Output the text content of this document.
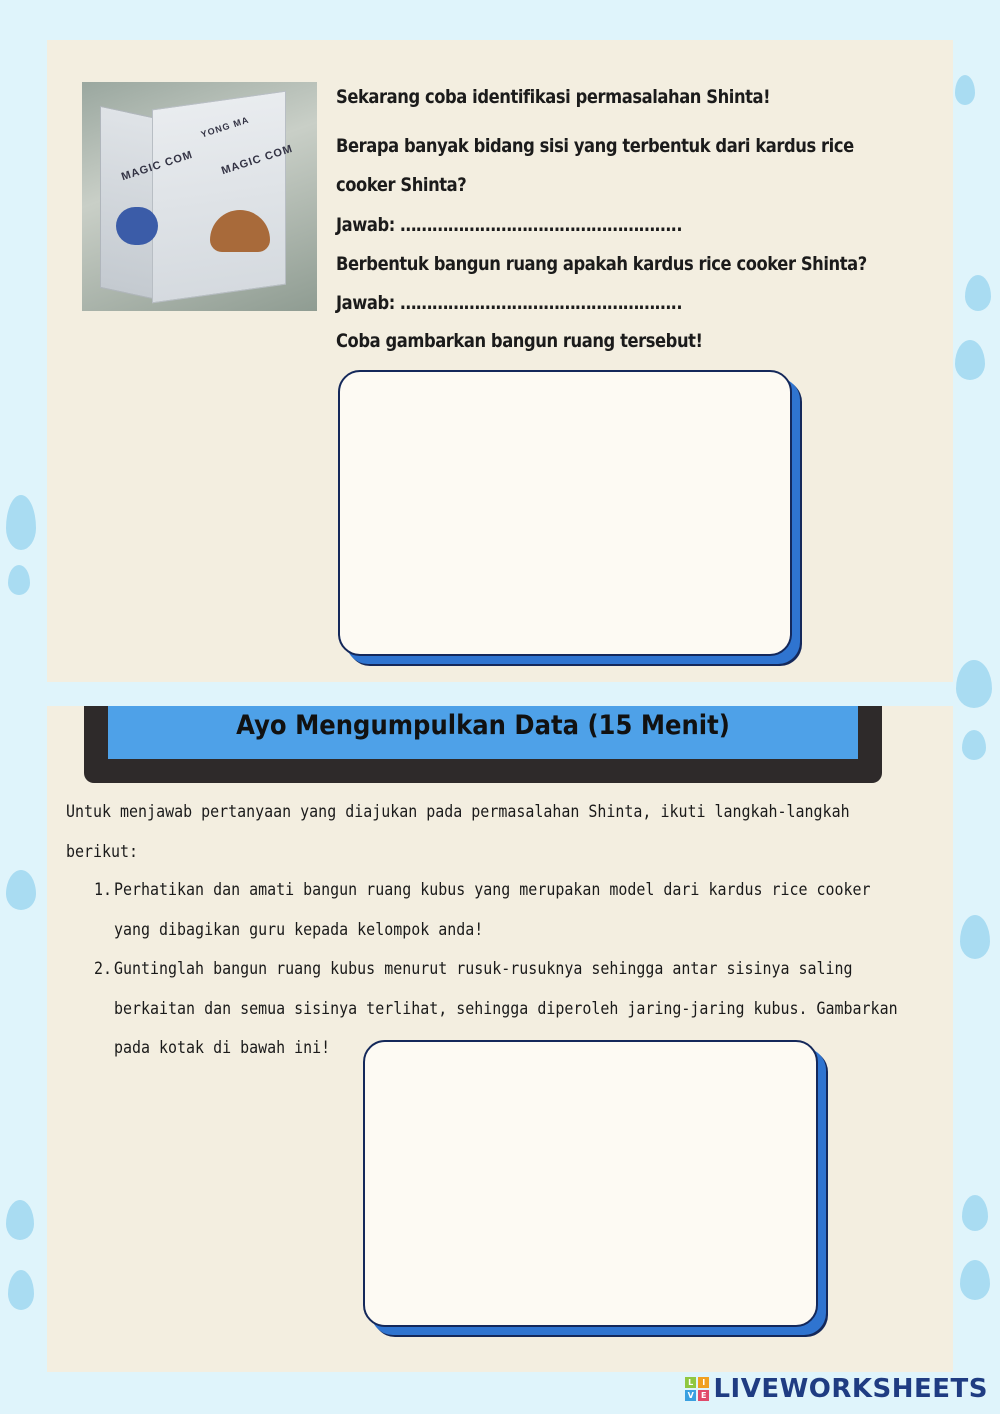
MAGIC COM MAGIC COM
YONG MA
Sekarang coba identifikasi permasalahan Shinta!
Berapa banyak bidang sisi yang terbentuk dari kardus rice
cooker Shinta?
Jawab: ……………………………………………..
Berbentuk bangun ruang apakah kardus rice cooker Shinta?
Jawab: ……………………………………………..
Coba gambarkan bangun ruang tersebut!
Ayo Mengumpulkan Data (15 Menit)
Untuk menjawab pertanyaan yang diajukan pada permasalahan Shinta, ikuti langkah-langkah
berikut:
1. Perhatikan dan amati bangun ruang kubus yang merupakan model dari kardus rice cooker
yang dibagikan guru kepada kelompok anda!
2. Guntinglah bangun ruang kubus menurut rusuk-rusuknya sehingga antar sisinya saling
berkaitan dan semua sisinya terlihat, sehingga diperoleh jaring-jaring kubus. Gambarkan
pada kotak di bawah ini!
L	I
V E LIVEWORKSHEETS
